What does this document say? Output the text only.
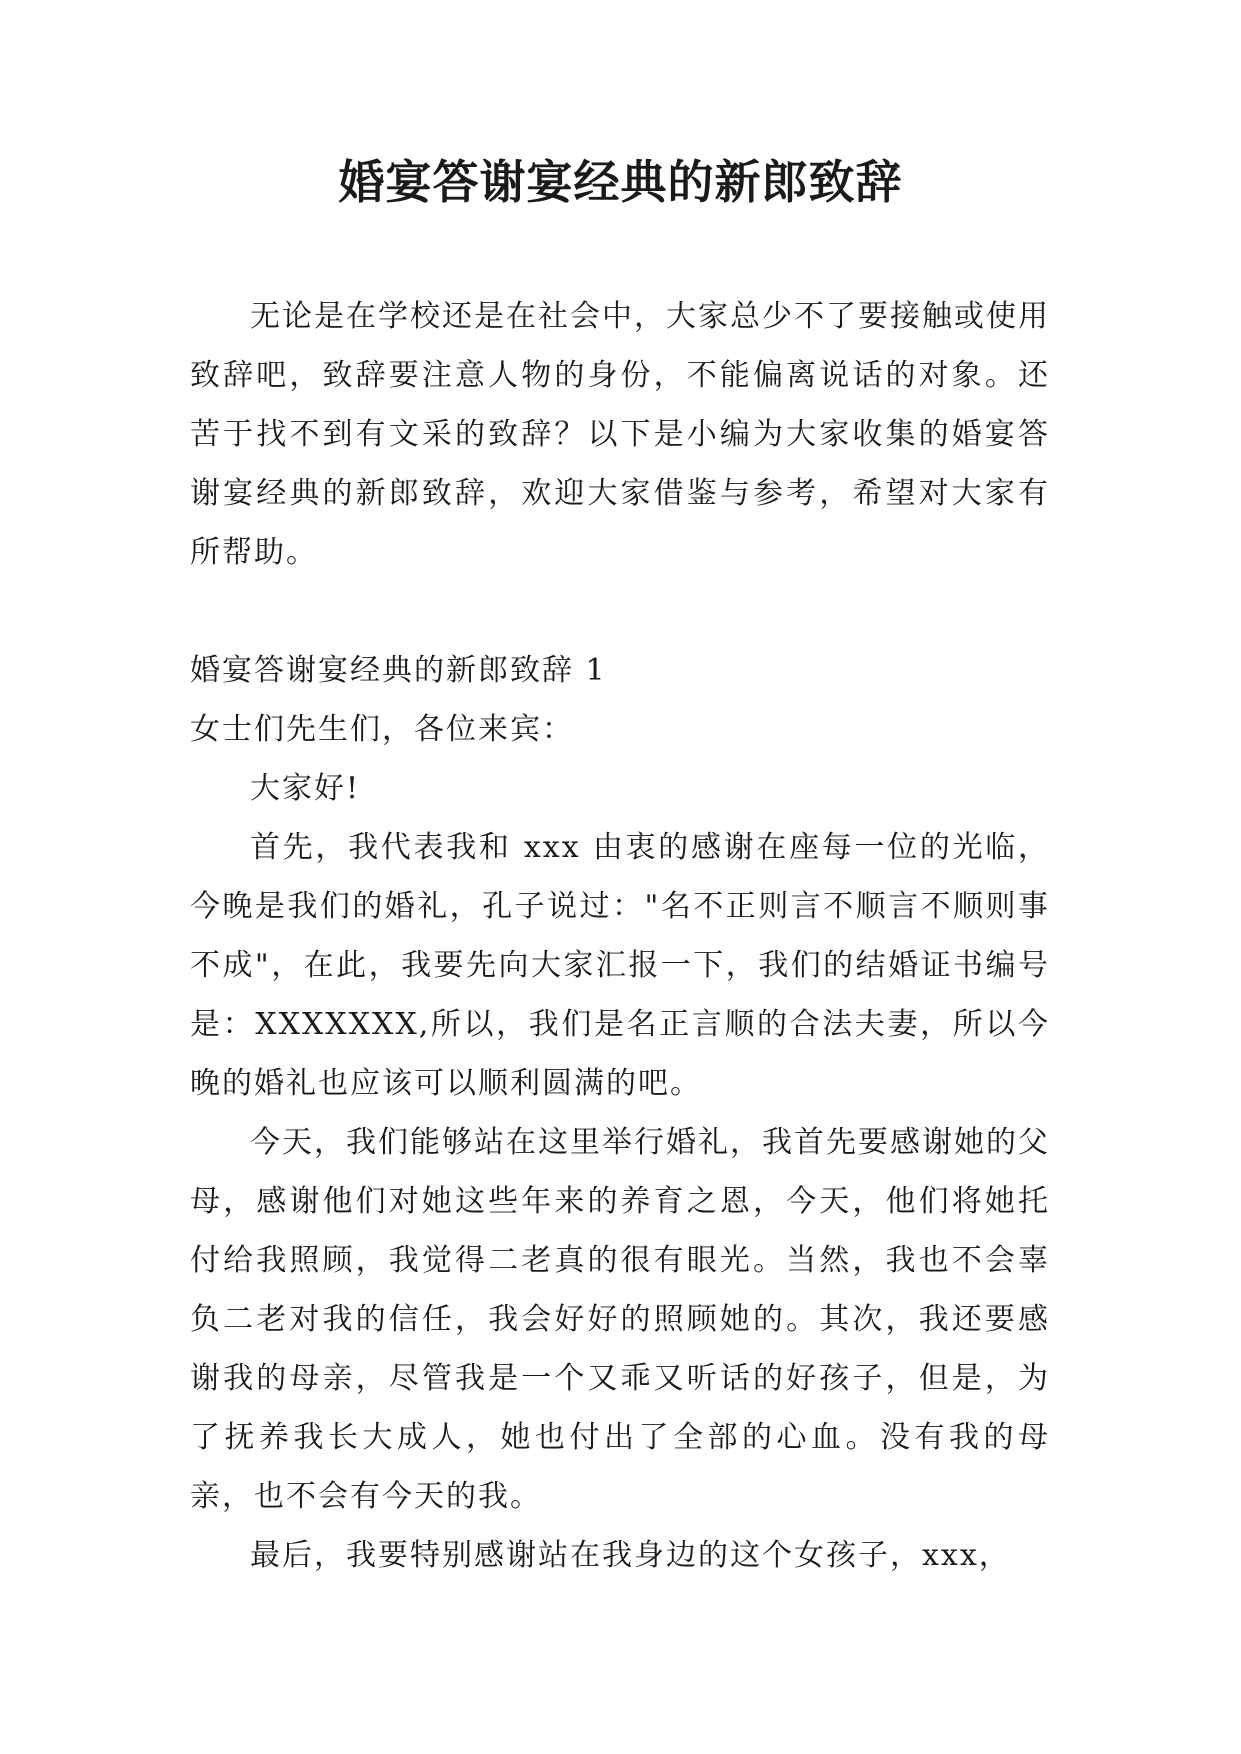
婚宴答谢宴经典的新郎致辞

无论是在学校还是在社会中，大家总少不了要接触或使用致辞吧，致辞要注意人物的身份，不能偏离说话的对象。还苦于找不到有文采的致辞？以下是小编为大家收集的婚宴答谢宴经典的新郎致辞，欢迎大家借鉴与参考，希望对大家有所帮助。

婚宴答谢宴经典的新郎致辞 1

女士们先生们，各位来宾：

大家好!

首先，我代表我和 xxx 由衷的感谢在座每一位的光临，今晚是我们的婚礼，孔子说过："名不正则言不顺言不顺则事不成"，在此，我要先向大家汇报一下，我们的结婚证书编号是：XXXXXXX,所以，我们是名正言顺的合法夫妻，所以今晚的婚礼也应该可以顺利圆满的吧。

今天，我们能够站在这里举行婚礼，我首先要感谢她的父母，感谢他们对她这些年来的养育之恩，今天，他们将她托付给我照顾，我觉得二老真的很有眼光。当然，我也不会辜负二老对我的信任，我会好好的照顾她的。其次，我还要感谢我的母亲，尽管我是一个又乖又听话的好孩子，但是，为了抚养我长大成人，她也付出了全部的心血。没有我的母亲，也不会有今天的我。

最后，我要特别感谢站在我身边的这个女孩子，xxx，
